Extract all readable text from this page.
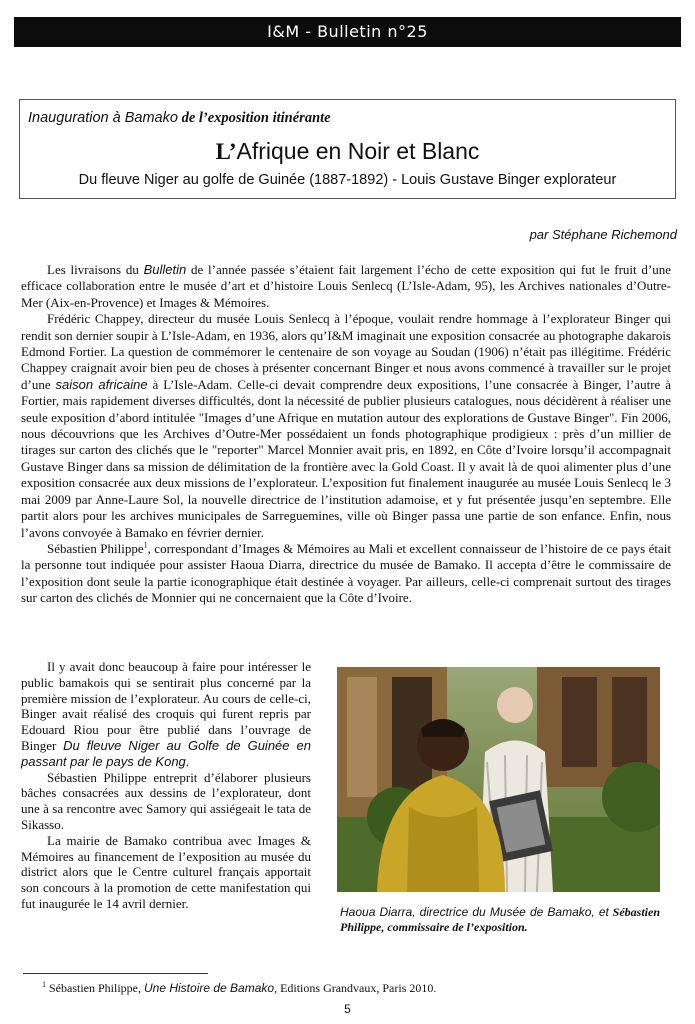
I&M - Bulletin n°25
Inauguration à Bamako de l’exposition itinérante
L’Afrique en Noir et Blanc
Du fleuve Niger au golfe de Guinée (1887-1892) - Louis Gustave Binger explorateur
par Stéphane Richemond

Les livraisons du Bulletin de l’année passée s’étaient fait largement l’écho de cette exposition qui fut le fruit d’une efficace collaboration entre le musée d’art et d’histoire Louis Senlecq (L’Isle-Adam, 95), les Archives nationales d’Outre-Mer (Aix-en-Provence) et Images & Mémoires.

Frédéric Chappey, directeur du musée Louis Senlecq à l’époque, voulait rendre hommage à l’explorateur Binger qui rendit son dernier soupir à L’Isle-Adam, en 1936, alors qu’I&M imaginait une exposition consacrée au photographe dakarois Edmond Fortier. La question de commémorer le centenaire de son voyage au Soudan (1906) n’était pas illégitime. Frédéric Chappey craignait avoir bien peu de choses à présenter concernant Binger et nous avons commencé à travailler sur le projet d’une saison africaine à L’Isle-Adam. Celle-ci devait comprendre deux expositions, l’une consacrée à Binger, l’autre à Fortier, mais rapidement diverses difficultés, dont la nécessité de publier plusieurs catalogues, nous décidèrent à réaliser une seule exposition d’abord intitulée "Images d’une Afrique en mutation autour des explorations de Gustave Binger". Fin 2006, nous découvrions que les Archives d’Outre-Mer possédaient un fonds photographique prodigieux : près d’un millier de tirages sur carton des clichés que le "reporter" Marcel Monnier avait pris, en 1892, en Côte d’Ivoire lorsqu’il accompagnait Gustave Binger dans sa mission de délimitation de la frontière avec la Gold Coast. Il y avait là de quoi alimenter plus d’une exposition consacrée aux deux missions de l’explorateur. L’exposition fut finalement inaugurée au musée Louis Senlecq le 3 mai 2009 par Anne-Laure Sol, la nouvelle directrice de l’institution adamoise, et y fut présentée jusqu’en septembre. Elle partit alors pour les archives municipales de Sarreguemines, ville où Binger passa une partie de son enfance. Enfin, nous l’avons convoyée à Bamako en février dernier.

Sébastien Philippe$^1$, correspondant d’Images & Mémoires au Mali et excellent connaisseur de l’histoire de ce pays était la personne tout indiquée pour assister Haoua Diarra, directrice du musée de Bamako. Il accepta d’être le commissaire de l’exposition dont seule la partie iconographique était destinée à voyager. Par ailleurs, celle-ci comprenait surtout des tirages sur carton des clichés de Monnier qui ne concernaient que la Côte d’Ivoire.

Il y avait donc beaucoup à faire pour intéresser le public bamakois qui se sentirait plus concerné par la première mission de l’explorateur. Au cours de celle-ci, Binger avait réalisé des croquis qui furent repris par Edouard Riou pour être publié dans l’ouvrage de Binger Du fleuve Niger au Golfe de Guinée en passant par le pays de Kong.

Sébastien Philippe entreprit d’élaborer plusieurs bâches consacrées aux dessins de l’explorateur, dont une à sa rencontre avec Samory qui assiégeait le tata de Sikasso.

La mairie de Bamako contribua avec Images & Mémoires au financement de l’exposition au musée du district alors que le Centre culturel français apportait son concours à la promotion de cette manifestation qui fut inaugurée le 14 avril dernier.

Haoua Diarra, directrice du Musée de Bamako, et Sébastien Philippe, commissaire de l’exposition.
$^1$ Sébastien Philippe, Une Histoire de Bamako, Editions Grandvaux, Paris 2010.
5
